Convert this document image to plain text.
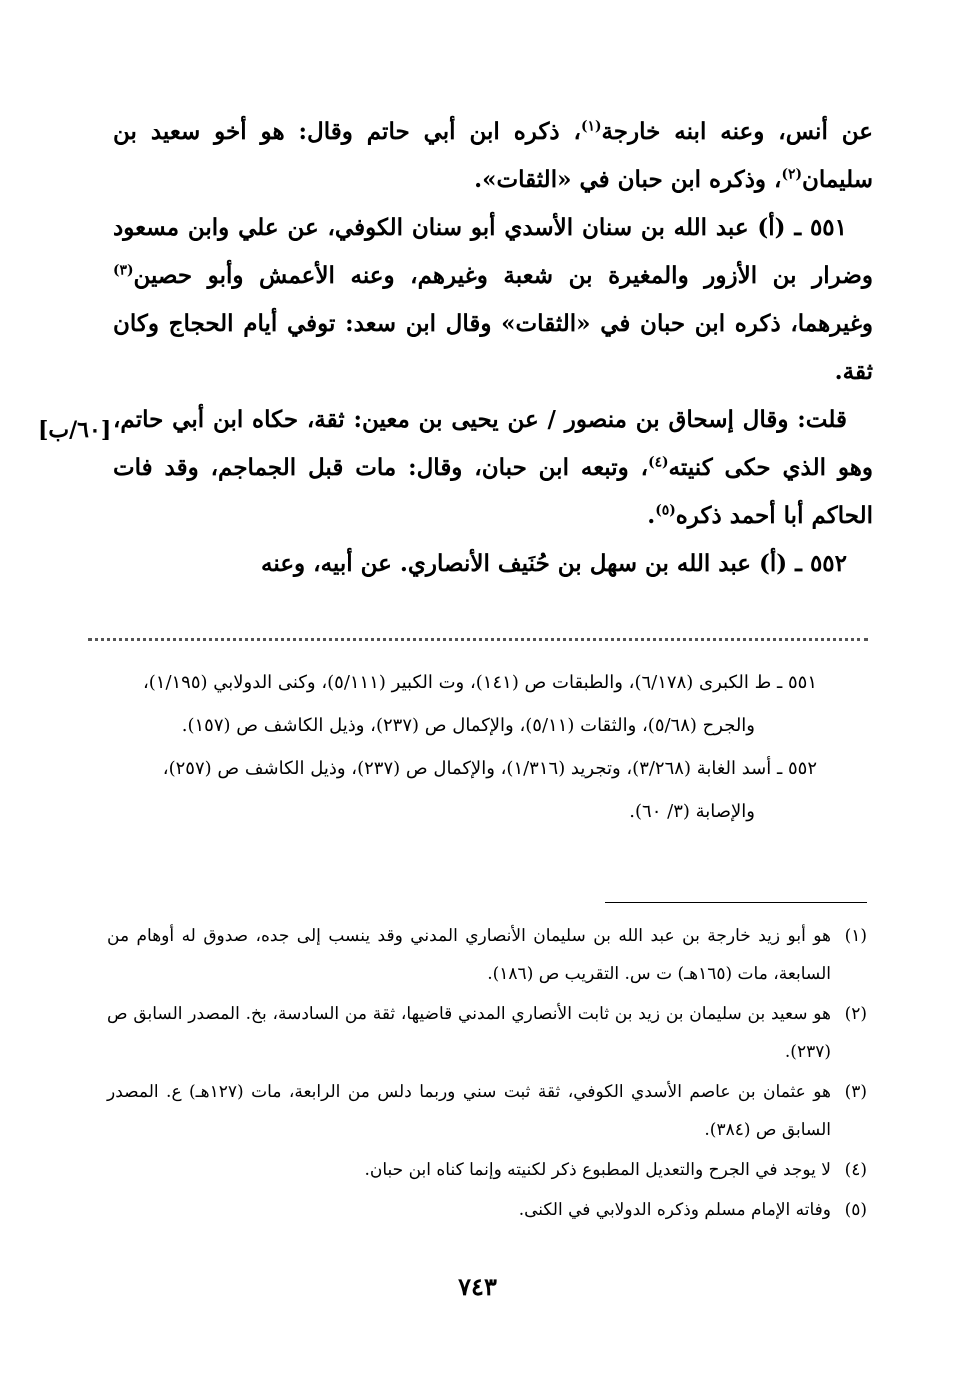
عن أنس، وعنه ابنه خارجة$^{(١)}$، ذكره ابن أبي حاتم وقال: هو أخو سعيد بن سليمان$^{(٢)}$، وذكره ابن حبان في «الثقات».

٥٥١ ـ (أ) عبد الله بن سنان الأسدي أبو سنان الكوفي، عن علي وابن مسعود وضرار بن الأزور والمغيرة بن شعبة وغيرهم، وعنه الأعمش وأبو حصين$^{(٣)}$ وغيرهما، ذكره ابن حبان في «الثقات» وقال ابن سعد: توفي أيام الحجاج وكان ثقة.

قلت: وقال إسحاق بن منصور / عن يحيى بن معين: ثقة، حكاه ابن أبي حاتم، وهو الذي حكى كنيته$^{(٤)}$، وتبعه ابن حبان، وقال: مات قبل الجماجم، وقد فات الحاكم أبا أحمد ذكره$^{(٥)}$.

٥٥٢ ـ (أ) عبد الله بن سهل بن حُنَيف الأنصاري. عن أبيه، وعنه

[٦٠/ب]

٥٥١ ـ ط الكبرى (٦/١٧٨)، والطبقات ص (١٤١)، وت الكبير (٥/١١١)، وكنى الدولابي (١/١٩٥)، والجرح (٥/٦٨)، والثقات (٥/١١)، والإكمال ص (٢٣٧)، وذيل الكاشف ص (١٥٧).

٥٥٢ ـ أسد الغابة (٣/٢٦٨)، وتجريد (١/٣١٦)، والإكمال ص (٢٣٧)، وذيل الكاشف ص (٢٥٧)، والإصابة (٣/ ٦٠).

(١)هو أبو زيد خارجة بن عبد الله بن سليمان الأنصاري المدني وقد ينسب إلى جده، صدوق له أوهام من السابعة، مات (١٦٥هـ) ت س. التقريب ص (١٨٦).

(٢)هو سعيد بن سليمان بن زيد بن ثابت الأنصاري المدني قاضيها، ثقة من السادسة، بخ. المصدر السابق ص (٢٣٧).

(٣)هو عثمان بن عاصم الأسدي الكوفي، ثقة ثبت سني وربما دلس من الرابعة، مات (١٢٧هـ) ع. المصدر السابق ص (٣٨٤).

(٤)لا يوجد في الجرح والتعديل المطبوع ذكر لكنيته وإنما كناه ابن حبان.

(٥)وفاته الإمام مسلم وذكره الدولابي في الكنى.

٧٤٣
